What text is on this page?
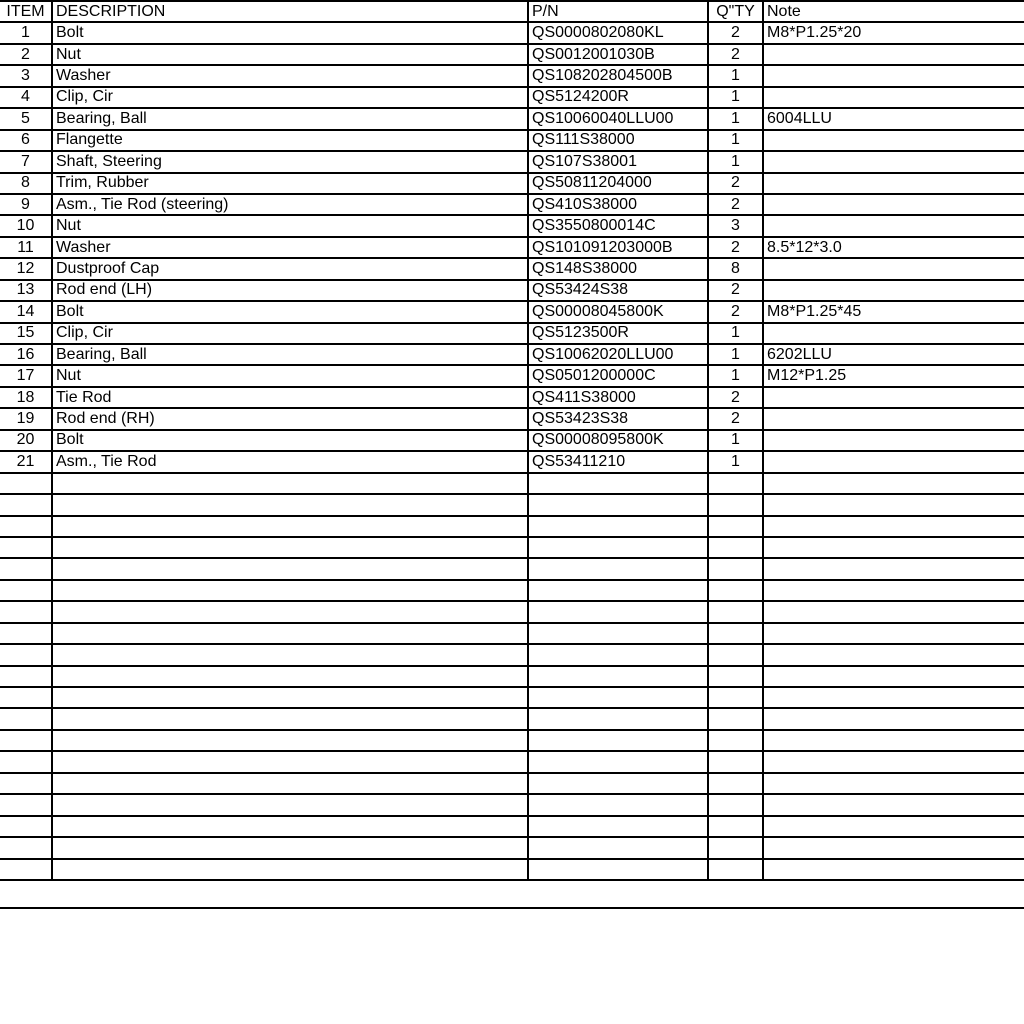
ITEM	DESCRIPTION	P/N	Q"TY	Note
1	Bolt	QS0000802080KL	2	M8*P1.25*20
2	Nut	QS0012001030B	2	
3	Washer	QS108202804500B	1	
4	Clip, Cir	QS5124200R	1	
5	Bearing, Ball	QS10060040LLU00	1	6004LLU
6	Flangette	QS111S38000	1	
7	Shaft, Steering	QS107S38001	1	
8	Trim, Rubber	QS50811204000	2	
9	Asm., Tie Rod (steering)	QS410S38000	2	
10	Nut	QS3550800014C	3	
11	Washer	QS101091203000B	2	8.5*12*3.0
12	Dustproof Cap	QS148S38000	8	
13	Rod end (LH)	QS53424S38	2	
14	Bolt	QS00008045800K	2	M8*P1.25*45
15	Clip, Cir	QS5123500R	1	
16	Bearing, Ball	QS10062020LLU00	1	6202LLU
17	Nut	QS0501200000C	1	M12*P1.25
18	Tie Rod	QS411S38000	2	
19	Rod end (RH)	QS53423S38	2	
20	Bolt	QS00008095800K	1	
21	Asm., Tie Rod	QS53411210	1	
